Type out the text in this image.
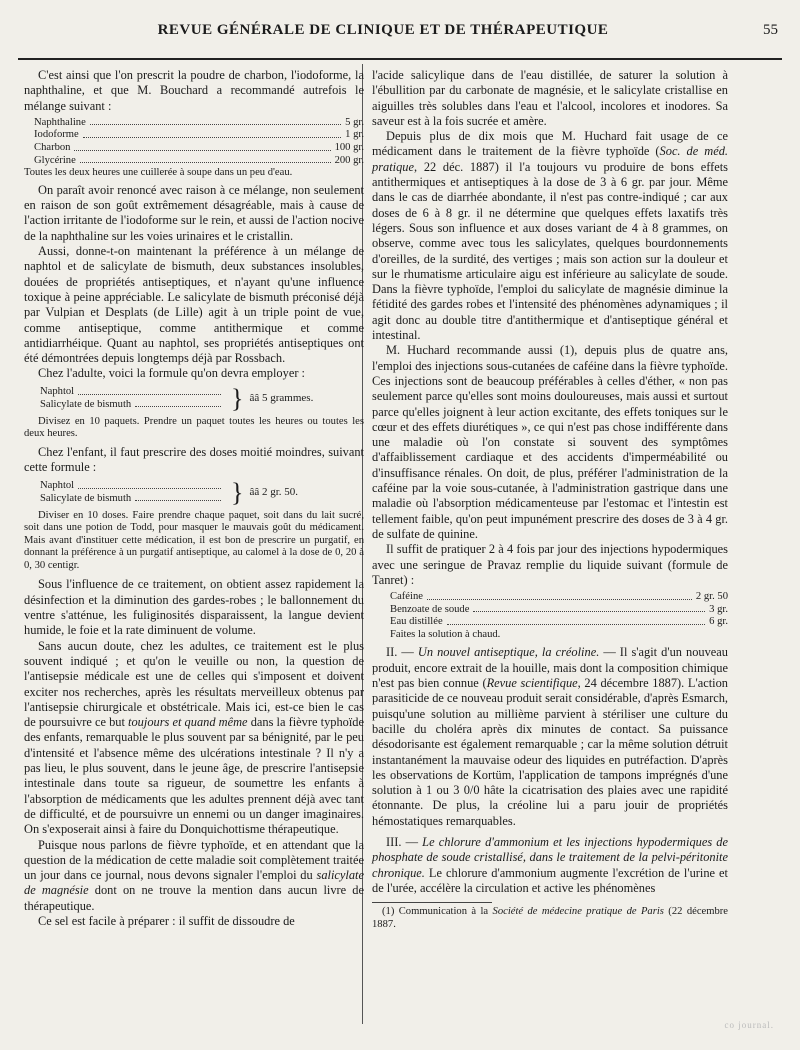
REVUE GÉNÉRALE DE CLINIQUE ET DE THÉRAPEUTIQUE	55

C'est ainsi que l'on prescrit la poudre de charbon, l'iodoforme, la naphthaline, et que M. Bouchard a recommandé autrefois le mélange suivant :

Naphthaline	5 gr.
Iodoforme	1 gr.
Charbon	100 gr.
Glycérine	200 gr.

Toutes les deux heures une cuillerée à soupe dans un peu d'eau.

On paraît avoir renoncé avec raison à ce mélange, non seulement en raison de son goût extrêmement désagréable, mais à cause de l'action irritante de l'iodoforme sur le rein, et aussi de l'action nocive de la naphthaline sur les voies urinaires et le cristallin.

Aussi, donne-t-on maintenant la préférence à un mélange de naphtol et de salicylate de bismuth, deux substances insolubles, douées de propriétés antiseptiques, et n'ayant qu'une influence toxique à peine appréciable. Le salicylate de bismuth préconisé déjà par Vulpian et Desplats (de Lille) agit à un triple point de vue, comme antiseptique, comme antithermique et comme antidiarrhéique. Quant au naphtol, ses propriétés antiseptiques ont été démontrées depuis longtemps déjà par Rossbach.

Chez l'adulte, voici la formule qu'on devra employer :

Naphtol
Salicylate de bismuth	} ââ 5 grammes.

Divisez en 10 paquets. Prendre un paquet toutes les heures ou toutes les deux heures.

Chez l'enfant, il faut prescrire des doses moitié moindres, suivant cette formule :

Naphtol
Salicylate de bismuth	} ââ 2 gr. 50.

Diviser en 10 doses. Faire prendre chaque paquet, soit dans du lait sucré, soit dans une potion de Todd, pour masquer le mauvais goût du médicament. Mais avant d'instituer cette médication, il est bon de prescrire un purgatif, en donnant la préférence à un purgatif antiseptique, au calomel à la dose de 0, 20 à 0, 30 centigr.

Sous l'influence de ce traitement, on obtient assez rapidement la désinfection et la diminution des gardes-robes ; le ballonnement du ventre s'atténue, les fuliginosités disparaissent, la langue devient humide, le foie et la rate diminuent de volume.

Sans aucun doute, chez les adultes, ce traitement est le plus souvent indiqué ; et qu'on le veuille ou non, la question de l'antisepsie médicale est une de celles qui s'imposent et doivent exciter nos recherches, après les résultats merveilleux obtenus par l'antisepsie chirurgicale et obstétricale. Mais ici, est-ce bien le cas de poursuivre ce but toujours et quand même dans la fièvre typhoïde des enfants, remarquable le plus souvent par sa bénignité, par le peu d'intensité et l'absence même des ulcérations intestinale ? Il n'y a pas lieu, le plus souvent, dans le jeune âge, de prescrire l'antisepsie intestinale dans toute sa rigueur, de soumettre les enfants à l'absorption de médicaments que les adultes prennent déjà avec tant de difficulté, et de poursuivre un ennemi ou un danger imaginaires. On s'exposerait ainsi à faire du Donquichottisme thérapeutique.

Puisque nous parlons de fièvre typhoïde, et en attendant que la question de la médication de cette maladie soit complètement traitée un jour dans ce journal, nous devons signaler l'emploi du salicylate de magnésie dont on ne trouve la mention dans aucun livre de thérapeutique.

Ce sel est facile à préparer : il suffit de dissoudre de

l'acide salicylique dans de l'eau distillée, de saturer la solution à l'ébullition par du carbonate de magnésie, et le salicylate cristallise en aiguilles très solubles dans l'eau et l'alcool, incolores et inodores. Sa saveur est à la fois sucrée et amère.

Depuis plus de dix mois que M. Huchard fait usage de ce médicament dans le traitement de la fièvre typhoïde (Soc. de méd. pratique, 22 déc. 1887) il l'a toujours vu produire de bons effets antithermiques et antiseptiques à la dose de 3 à 6 gr. par jour. Même dans le cas de diarrhée abondante, il n'est pas contre-indiqué ; car aux doses de 6 à 8 gr. il ne détermine que quelques effets laxatifs très légers. Sous son influence et aux doses variant de 4 à 8 grammes, on observe, comme avec tous les salicylates, quelques bourdonnements d'oreilles, de la surdité, des vertiges ; mais son action sur la douleur et sur le rhumatisme articulaire aigu est inférieure au salicylate de soude. Dans la fièvre typhoïde, l'emploi du salicylate de magnésie diminue la fétidité des gardes robes et l'intensité des phénomènes adynamiques ; il agit donc au double titre d'antithermique et d'antiseptique général et intestinal.

M. Huchard recommande aussi (1), depuis plus de quatre ans, l'emploi des injections sous-cutanées de caféine dans la fièvre typhoïde. Ces injections sont de beaucoup préférables à celles d'éther, « non pas seulement parce qu'elles sont moins douloureuses, mais aussi et surtout parce qu'elles joignent à leur action excitante, des effets toniques sur le cœur et des effets diurétiques », ce qui n'est pas chose indifférente dans une maladie où l'on constate si souvent des symptômes d'affaiblissement cardiaque et des accidents d'imperméabilité ou d'insuffisance rénales. On doit, de plus, préférer l'administration de la caféine par la voie sous-cutanée, à l'administration gastrique dans une maladie où l'absorption médicamenteuse par l'estomac et l'intestin est tellement faible, qu'on peut impunément prescrire des doses de 3 à 4 gr. de sulfate de quinine.

Il suffit de pratiquer 2 à 4 fois par jour des injections hypodermiques avec une seringue de Pravaz remplie du liquide suivant (formule de Tanret) :

Caféine	2 gr. 50
Benzoate de soude	3 gr.
Eau distillée	6 gr.

Faites la solution à chaud.

II. — Un nouvel antiseptique, la créoline. — Il s'agit d'un nouveau produit, encore extrait de la houille, mais dont la composition chimique n'est pas bien connue (Revue scientifique, 24 décembre 1887). L'action parasiticide de ce nouveau produit serait considérable, d'après Esmarch, puisqu'une solution au millième parvient à stériliser une culture du bacille du choléra après dix minutes de contact. Sa puissance désodorisante est également remarquable ; car la même solution détruit instantanément la mauvaise odeur des liquides en putréfaction. D'après les observations de Kortüm, l'application de tampons imprégnés d'une solution à 1 ou 3 0/0 hâte la cicatrisation des plaies avec une rapidité étonnante. De plus, la créoline lui a paru jouir de propriétés hémostatiques remarquables.

III. — Le chlorure d'ammonium et les injections hypodermiques de phosphate de soude cristallisé, dans le traitement de la pelvi-péritonite chronique. Le chlorure d'ammonium augmente l'excrétion de l'urine et de l'urée, accélère la circulation et active les phénomènes

(1) Communication à la Société de médecine pratique de Paris (22 décembre 1887.

co journal.
